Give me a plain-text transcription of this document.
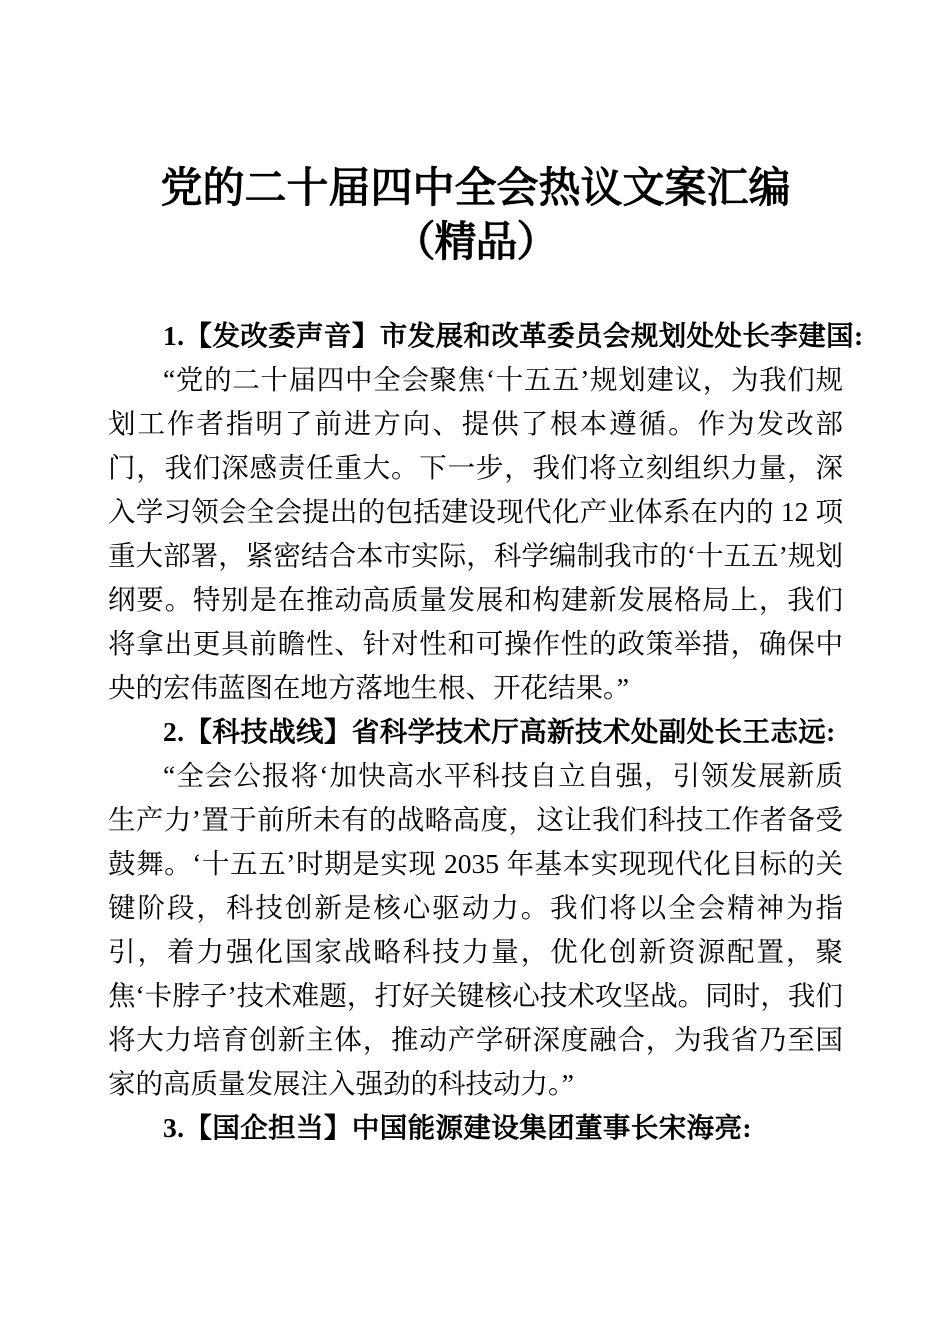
党的二十届四中全会热议文案汇编
（精品）
1.【发改委声音】市发展和改革委员会规划处处长李建国:

“党的二十届四中全会聚焦‘十五五’规划建议，为我们规划工作者指明了前进方向、提供了根本遵循。作为发改部门，我们深感责任重大。下一步，我们将立刻组织力量，深入学习领会全会提出的包括建设现代化产业体系在内的 12 项重大部署，紧密结合本市实际，科学编制我市的‘十五五’规划纲要。特别是在推动高质量发展和构建新发展格局上，我们将拿出更具前瞻性、针对性和可操作性的政策举措，确保中央的宏伟蓝图在地方落地生根、开花结果。”

2.【科技战线】省科学技术厅高新技术处副处长王志远:

“全会公报将‘加快高水平科技自立自强，引领发展新质生产力’置于前所未有的战略高度，这让我们科技工作者备受鼓舞。‘十五五’时期是实现 2035 年基本实现现代化目标的关键阶段，科技创新是核心驱动力。我们将以全会精神为指引，着力强化国家战略科技力量，优化创新资源配置，聚焦‘卡脖子’技术难题，打好关键核心技术攻坚战。同时，我们将大力培育创新主体，推动产学研深度融合，为我省乃至国家的高质量发展注入强劲的科技动力。”

3.【国企担当】中国能源建设集团董事长宋海亮:
